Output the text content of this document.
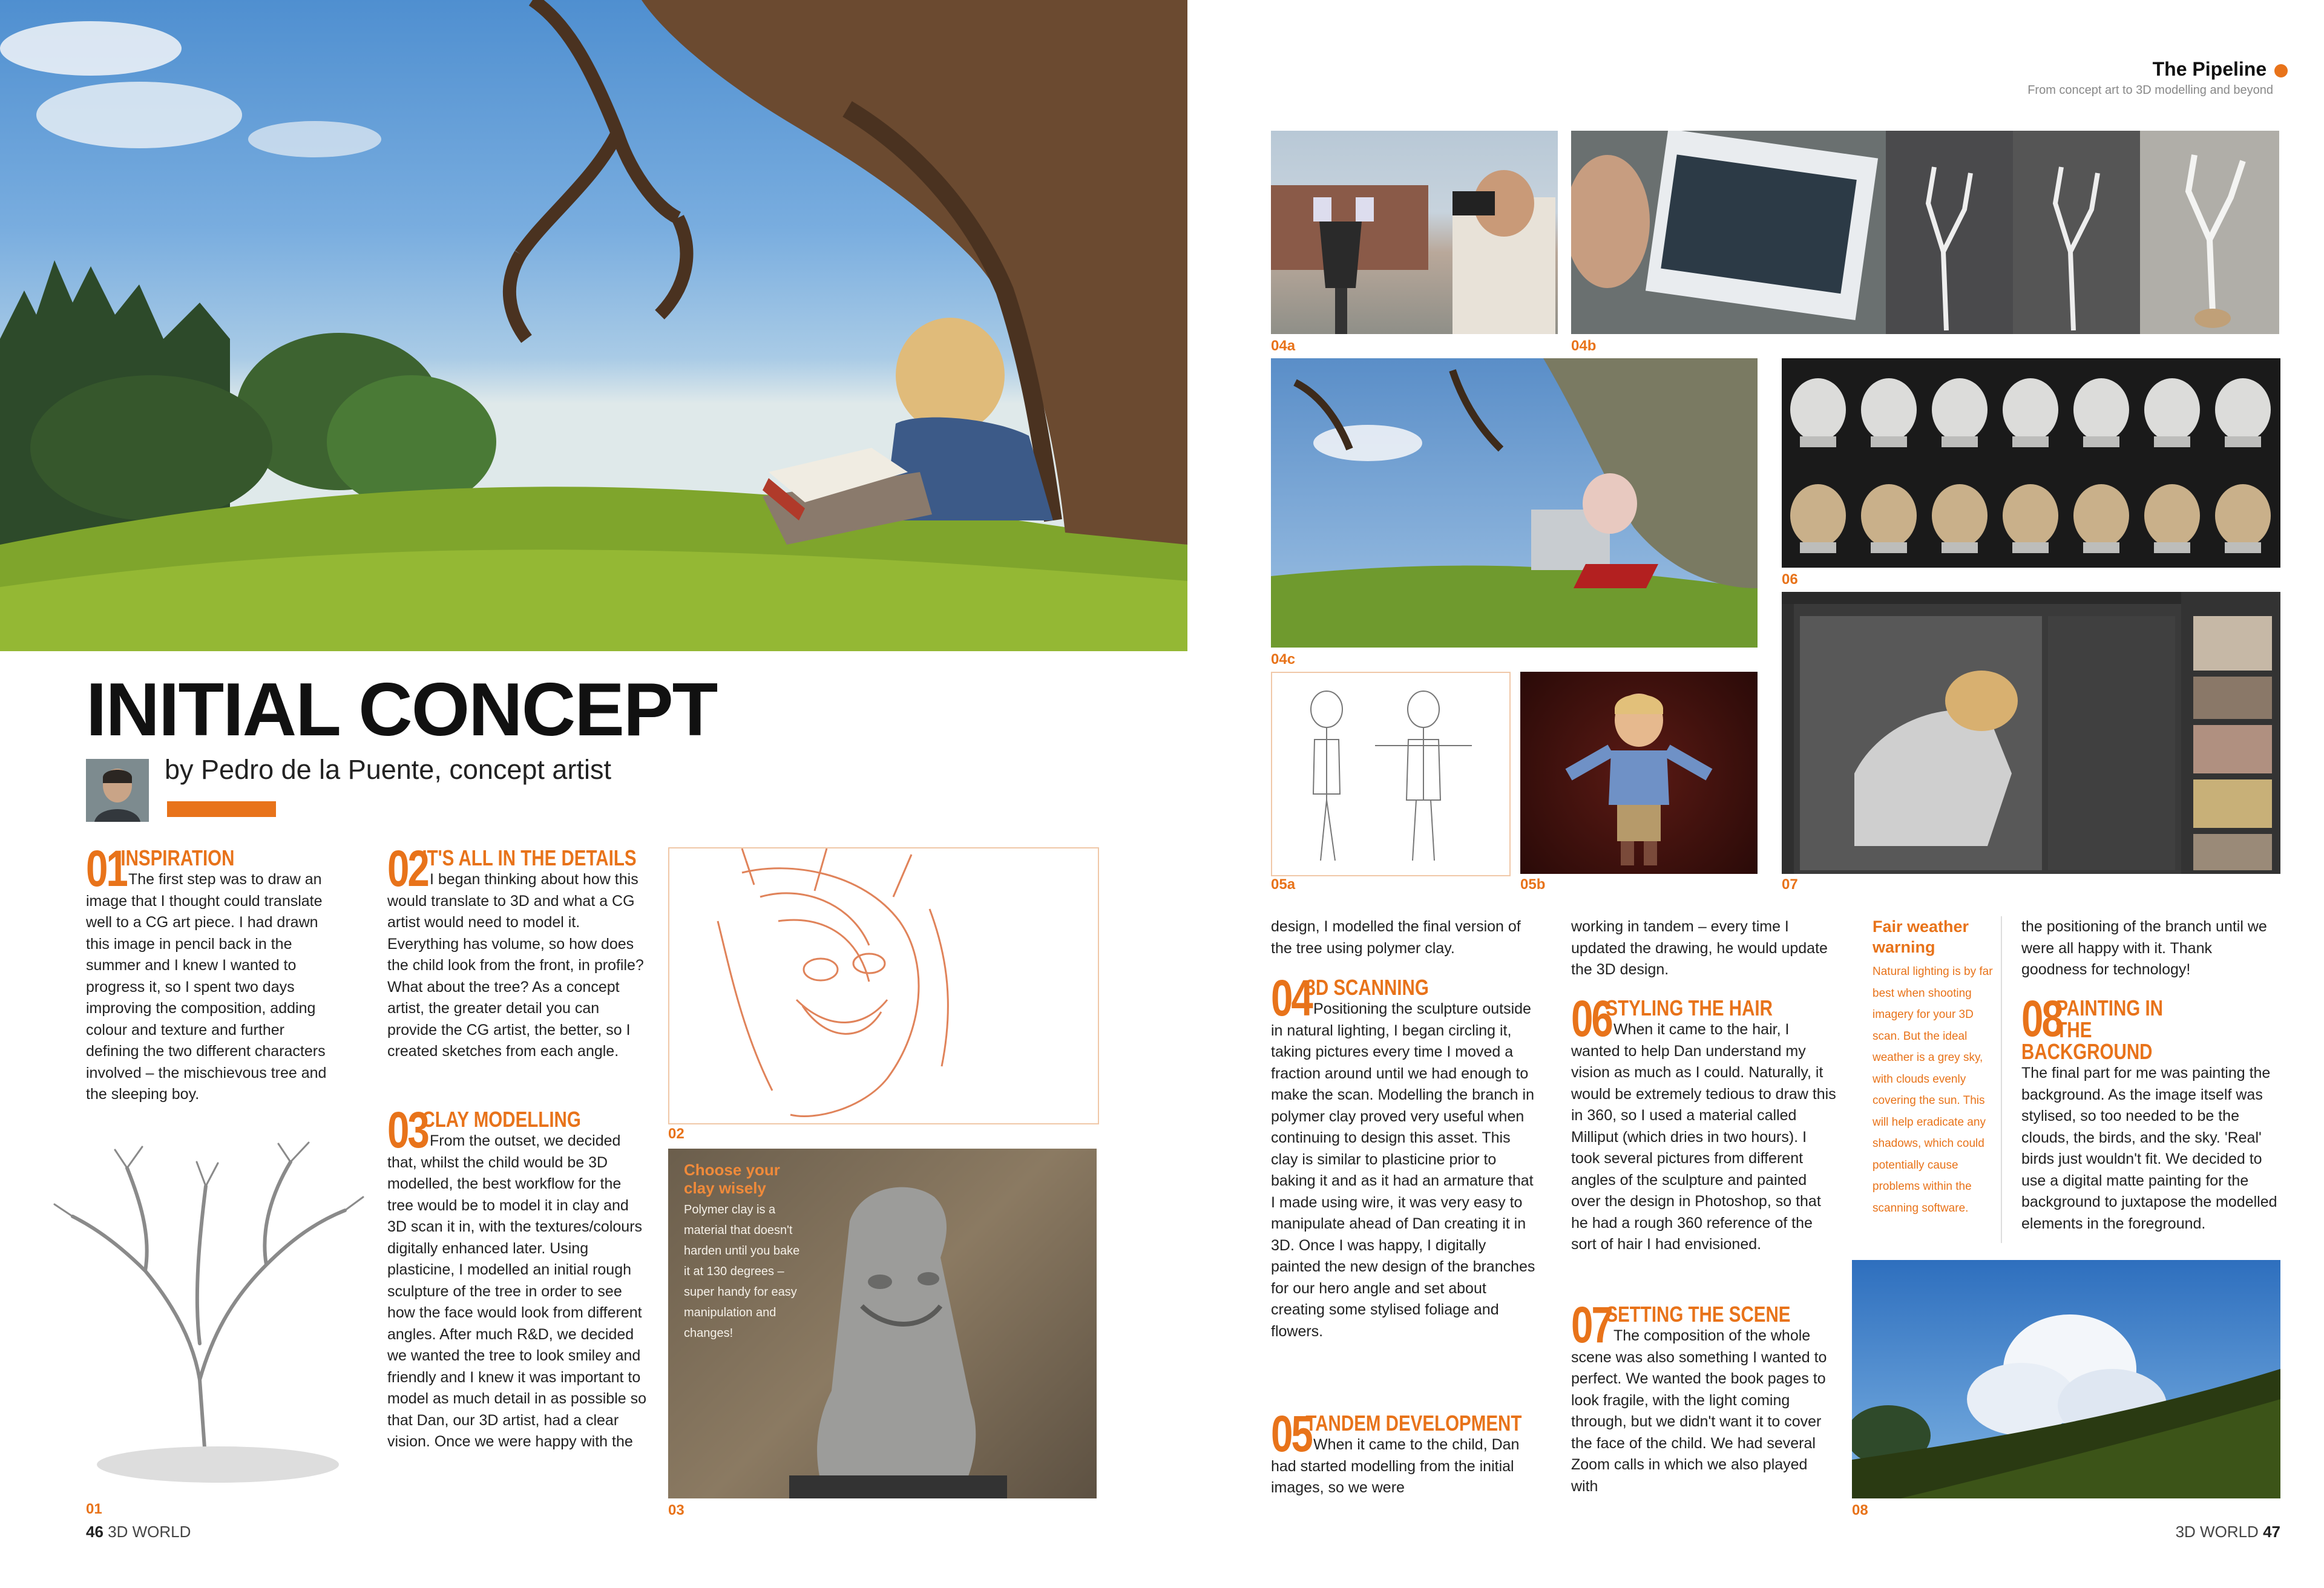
INITIAL CONCEPT
by Pedro de la Puente, concept artist
01
INSPIRATION
The first step was to draw an image that I thought could translate well to a CG art piece. I had drawn this image in pencil back in the summer and I knew I wanted to progress it, so I spent two days improving the composition, adding colour and texture and further defining the two different characters involved – the mischievous tree and the sleeping boy.
01
02
IT'S ALL IN THE DETAILS
I began thinking about how this would translate to 3D and what a CG artist would need to model it. Everything has volume, so how does the child look from the front, in profile? What about the tree? As a concept artist, the greater detail you can provide the CG artist, the better, so I created sketches from each angle.
03
CLAY MODELLING
From the outset, we decided that, whilst the child would be 3D modelled, the best workflow for the tree would be to model it in clay and 3D scan it in, with the textures/colours digitally enhanced later. Using plasticine, I modelled an initial rough sculpture of the tree in order to see how the face would look from different angles. After much R&D, we decided we wanted the tree to look smiley and friendly and I knew it was important to model as much detail in as possible so that Dan, our 3D artist, had a clear vision. Once we were happy with the
02
Choose your clay wisely
Polymer clay is a material that doesn't harden until you bake it at 130 degrees – super handy for easy manipulation and changes!
03
46 3D WORLD
The Pipeline
From concept art to 3D modelling and beyond
04a	04b
04c
06
05a	05b	07
design, I modelled the final version of the tree using polymer clay.
04
3D SCANNING
Positioning the sculpture outside in natural lighting, I began circling it, taking pictures every time I moved a fraction around until we had enough to make the scan. Modelling the branch in polymer clay proved very useful when continuing to design this asset. This clay is similar to plasticine prior to baking it and as it had an armature that I made using wire, it was very easy to manipulate ahead of Dan creating it in 3D. Once I was happy, I digitally painted the new design of the branches for our hero angle and set about creating some stylised foliage and flowers.
05
TANDEM DEVELOPMENT
When it came to the child, Dan had started modelling from the initial images, so we were
working in tandem – every time I updated the drawing, he would update the 3D design.
06
STYLING THE HAIR
When it came to the hair, I wanted to help Dan understand my vision as much as I could. Naturally, it would be extremely tedious to draw this in 360, so I used a material called Milliput (which dries in two hours). I took several pictures from different angles of the sculpture and painted over the design in Photoshop, so that he had a rough 360 reference of the sort of hair I had envisioned.
07
SETTING THE SCENE
The composition of the whole scene was also something I wanted to perfect. We wanted the book pages to look fragile, with the light coming through, but we didn't want it to cover the face of the child. We had several Zoom calls in which we also played with
Fair weather warning
Natural lighting is by far best when shooting imagery for your 3D scan. But the ideal weather is a grey sky, with clouds evenly covering the sun. This will help eradicate any shadows, which could potentially cause problems within the scanning software.
the positioning of the branch until we were all happy with it. Thank goodness for technology!
08
PAINTING IN THE BACKGROUND
The final part for me was painting the background. As the image itself was stylised, so too needed to be the clouds, the birds, and the sky. 'Real' birds just wouldn't fit. We decided to use a digital matte painting for the background to juxtapose the modelled elements in the foreground.
08
3D WORLD 47
